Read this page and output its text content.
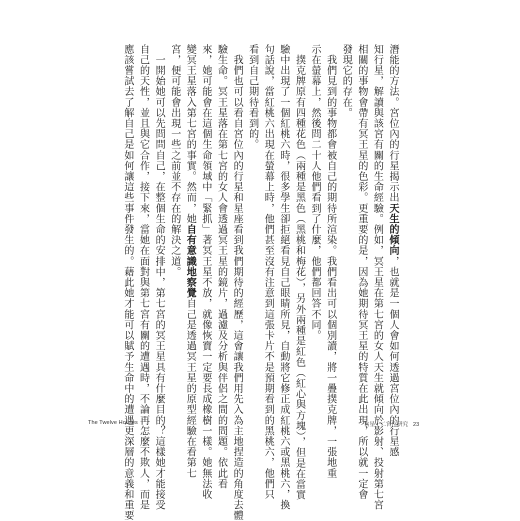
潛能的方法。宮位內的行星揭示出天生的傾向，也就是一個人會如何透過宮位內的行星感
知行星，解讀與該宮有關的生命經驗。例如，冥王星在第七宮的女人天生就傾向於影射、投射第七宮
相關的事物會帶有冥王星的色彩。更重要的是，因為她期待冥王星的特質在此出現，所以就一定會
發現它的存在。
　我們見到的事物都會被自己的期待所渲染。我們看出可以個別讀，將一疊撲克牌，一張地重
示在螢幕上，然後問二十人他們看到了什麼，他們都回答不同。
　撲克牌原有四種花色（兩種是黑色（黑桃和梅花），另外兩種是紅色（紅心與方塊），但是在當實
驗中出現了一個紅桃六時，很多學生卻拒絕看見自己眼睛所見，自動將它修正成紅桃六或黑桃六，換
句話說，當紅桃六出現在螢幕上時，他們甚至沒有注意到這張卡片不是預期看到的黑桃六，他們只
看到自己期待看到的。
　我們也可以看自宮位內的行星和星座看到我們期待的經歷，這會讓我們用先入為主地捏造的角度去體
驗生命。冥王星落在第七宮的女人會透過冥王星的鏡片，過濾及分析與伴侶之間的問題。依此看
來，她可能會在這個生命領域中「緊抓」著冥王星不放，就像恢寶一定要長成橡樹一樣。她無法收
變冥王星落入第七宮的事實。然而，她自有意識地察覺自己是透過冥王星的原型經驗在看第七
宮，便可能會出現一些之前並不存在的解決之道。
　一開始她可以先問問自己，在整個生命的安排中，第七宮的冥王星具有什麼目的？這樣她才能接受
自己的天性，並且與它合作，接下來，當她在面對與第七宮有關的遭遇時，不論再怎麼不欺人，而是
應該嘗試去了解自己是如何讓這些事件發生的。藉此她才能可以賦予生命中的遭遇更深層的意義和重要
The Twelve Houses	占星十二宮位研究 23
